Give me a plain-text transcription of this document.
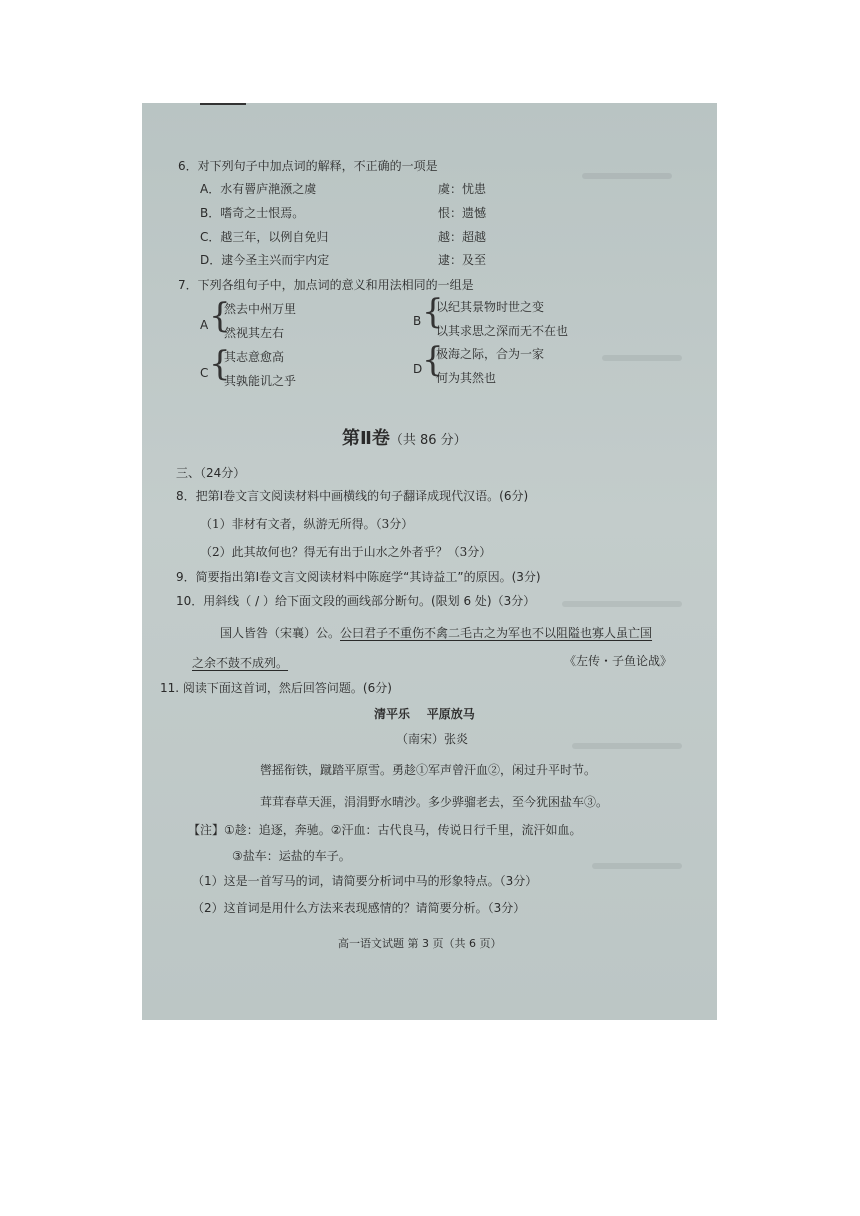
6．对下列句子中加点词的解释，不正确的一项是
A．水有罾庐滟滪之虞	虞：忧患
B．嗜奇之士恨焉。	恨：遗憾
C．越三年，以例自免归	越：超越
D．逮今圣主兴而宇内定	逮：及至
7．下列各组句子中，加点词的意义和用法相同的一组是
A {
然去中州万里
然视其左右
B {
以纪其景物时世之变
以其求思之深而无不在也
C {
其志意愈高
其孰能讥之乎
D {
极海之际，合为一家
何为其然也
第Ⅱ卷（共 86 分）
三、（24分）
8．把第Ⅰ卷文言文阅读材料中画横线的句子翻译成现代汉语。(6分)
（1）非材有文者，纵游无所得。（3分）
（2）此其故何也？得无有出于山水之外者乎？（3分）
9．简要指出第Ⅰ卷文言文阅读材料中陈庭学“其诗益工”的原因。(3分)
10．用斜线（ / ）给下面文段的画线部分断句。(限划 6 处)（3分）
国人皆咎（宋襄）公。公曰君子不重伤不禽二毛古之为军也不以阻隘也寡人虽亡国
之余不鼓不成列。	《左传・子鱼论战》
11. 阅读下面这首词，然后回答问题。(6分)
清平乐 平原放马
（南宋）张炎
辔摇衔铁，蹴踏平原雪。勇趁①军声曾汗血②，闲过升平时节。
茸茸春草天涯，涓涓野水晴沙。多少骅骝老去，至今犹困盐车③。
【注】①趁：追逐，奔驰。②汗血：古代良马，传说日行千里，流汗如血。
③盐车：运盐的车子。
（1）这是一首写马的词，请简要分析词中马的形象特点。（3分）
（2）这首词是用什么方法来表现感情的？请简要分析。（3分）
高一语文试题 第 3 页（共 6 页）
